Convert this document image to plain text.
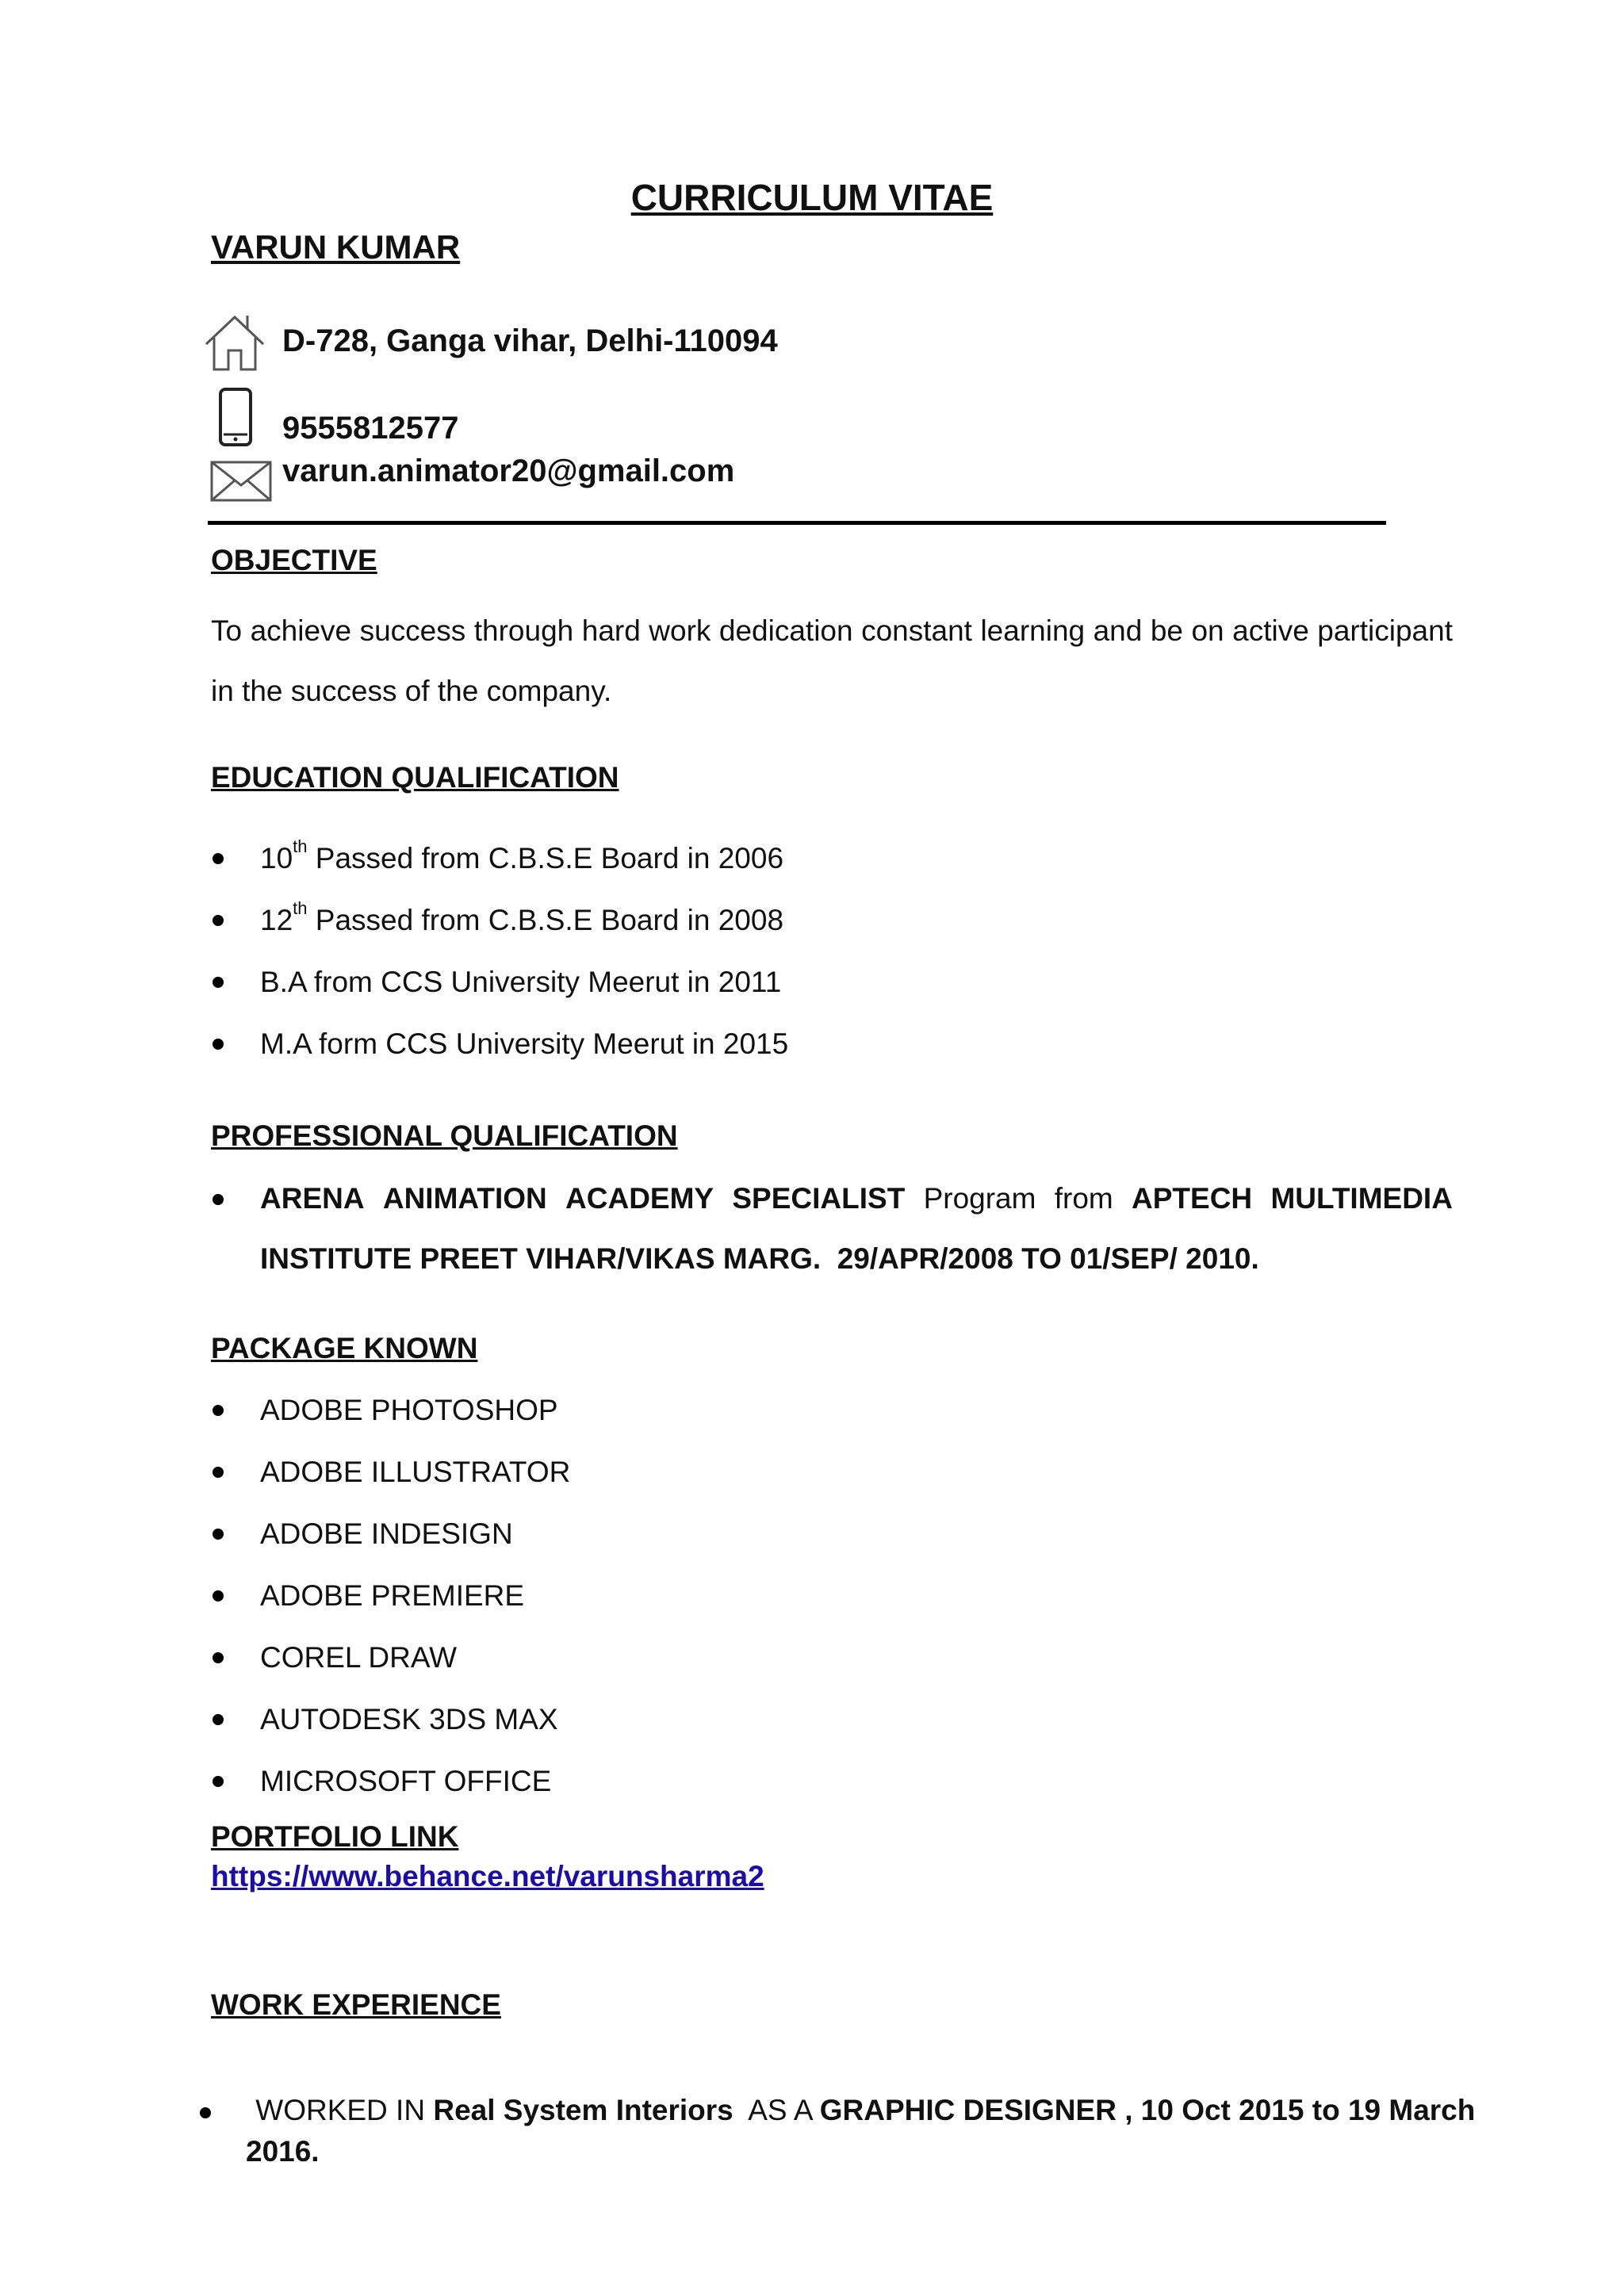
CURRICULUM VITAE
VARUN KUMAR
D-728, Ganga vihar, Delhi-110094
9555812577
varun.animator20@gmail.com
OBJECTIVE

To achieve success through hard work dedication constant learning and be on active participant in the success of the company.

EDUCATION QUALIFICATION
10th Passed from C.B.S.E Board in 2006
12th Passed from C.B.S.E Board in 2008
B.A from CCS University Meerut in 2011
M.A form CCS University Meerut in 2015
PROFESSIONAL QUALIFICATION
ARENA ANIMATION ACADEMY SPECIALIST Program from APTECH MULTIMEDIA
INSTITUTE PREET VIHAR/VIKAS MARG.  29/APR/2008 TO 01/SEP/ 2010.
PACKAGE KNOWN
ADOBE PHOTOSHOP
ADOBE ILLUSTRATOR
ADOBE INDESIGN
ADOBE PREMIERE
COREL DRAW
AUTODESK 3DS MAX
MICROSOFT OFFICE
PORTFOLIO LINK
https://www.behance.net/varunsharma2
WORK EXPERIENCE
WORKED IN Real System Interiors  AS A GRAPHIC DESIGNER , 10 Oct 2015 to 19 March
2016.
